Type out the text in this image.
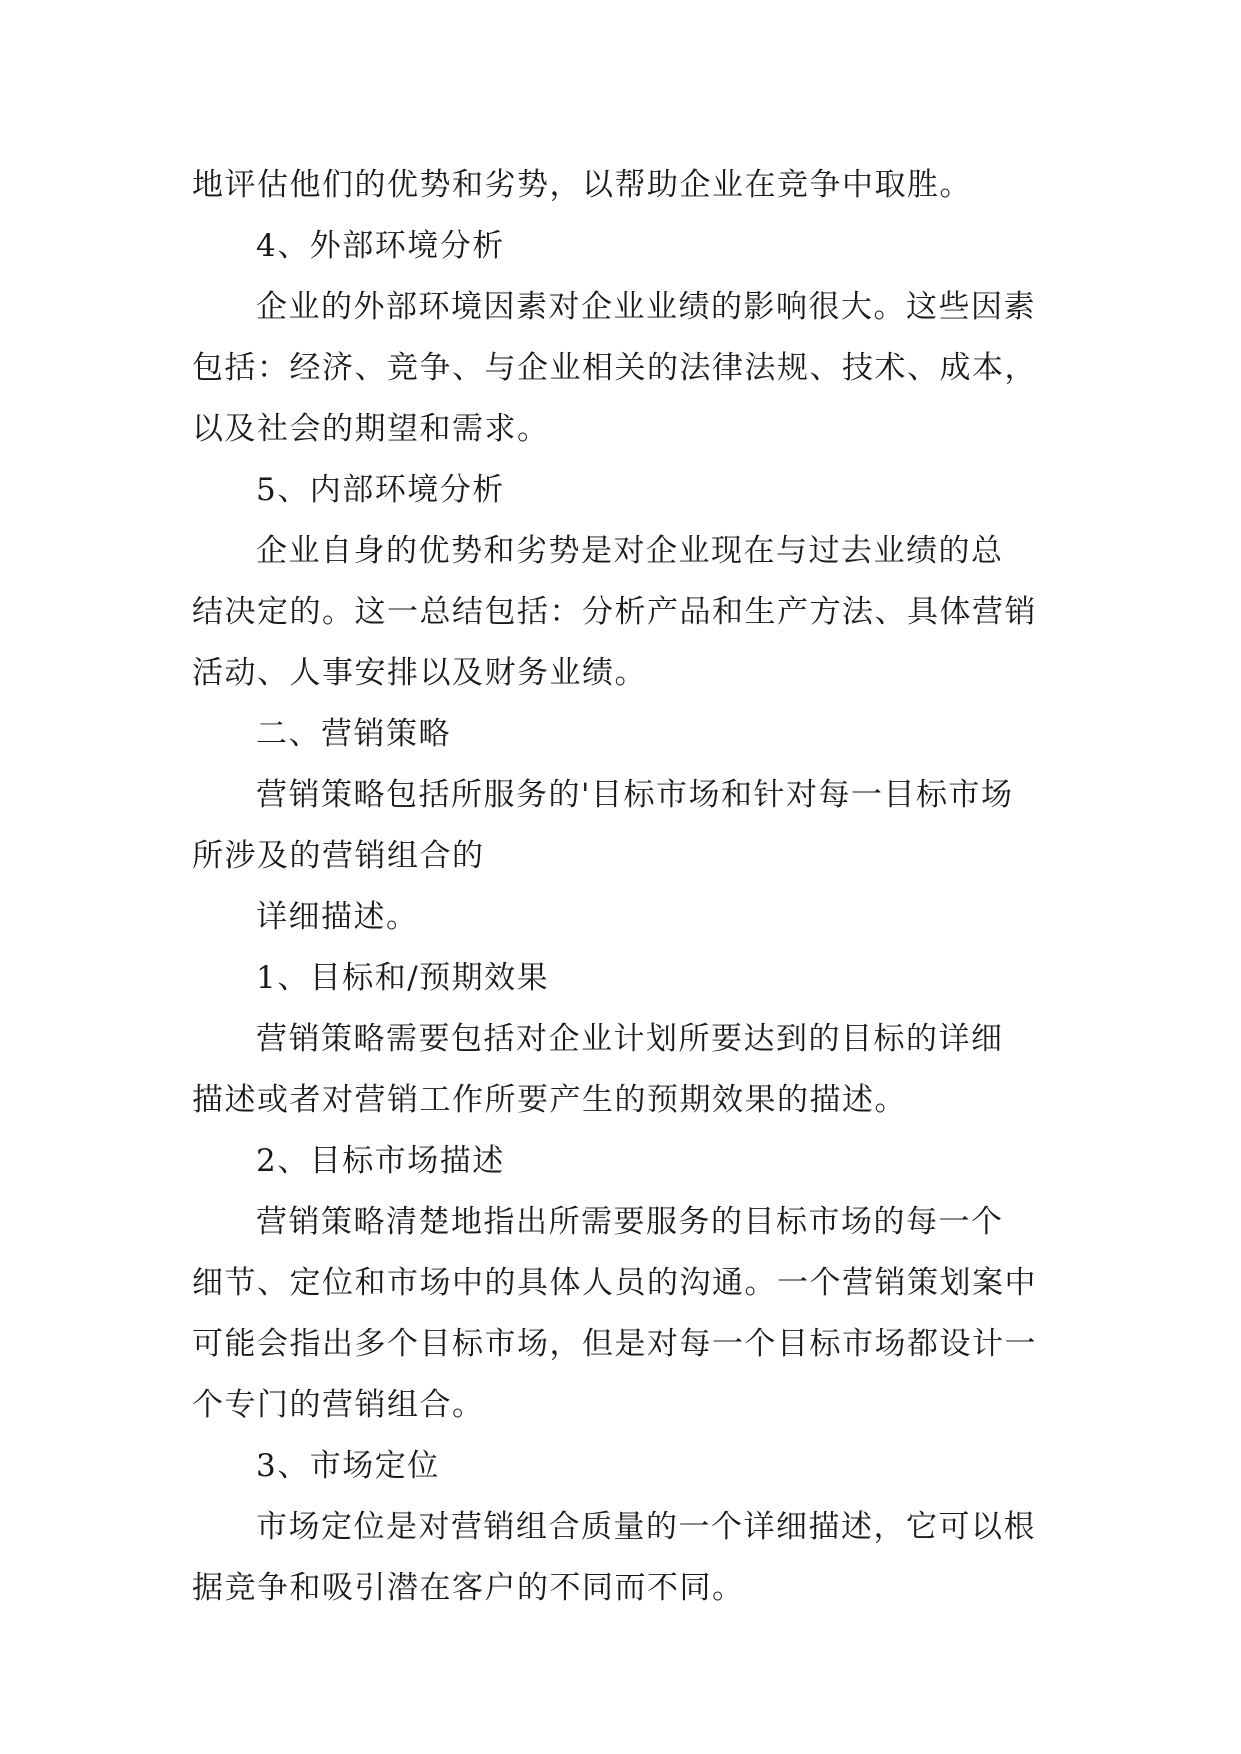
地评估他们的优势和劣势，以帮助企业在竞争中取胜。
4、外部环境分析
企业的外部环境因素对企业业绩的影响很大。这些因素
包括：经济、竞争、与企业相关的法律法规、技术、成本，
以及社会的期望和需求。
5、内部环境分析
企业自身的优势和劣势是对企业现在与过去业绩的总
结决定的。这一总结包括：分析产品和生产方法、具体营销
活动、人事安排以及财务业绩。
二、营销策略
营销策略包括所服务的'目标市场和针对每一目标市场
所涉及的营销组合的
详细描述。
1、目标和/预期效果
营销策略需要包括对企业计划所要达到的目标的详细
描述或者对营销工作所要产生的预期效果的描述。
2、目标市场描述
营销策略清楚地指出所需要服务的目标市场的每一个
细节、定位和市场中的具体人员的沟通。一个营销策划案中
可能会指出多个目标市场，但是对每一个目标市场都设计一
个专门的营销组合。
3、市场定位
市场定位是对营销组合质量的一个详细描述，它可以根
据竞争和吸引潜在客户的不同而不同。
